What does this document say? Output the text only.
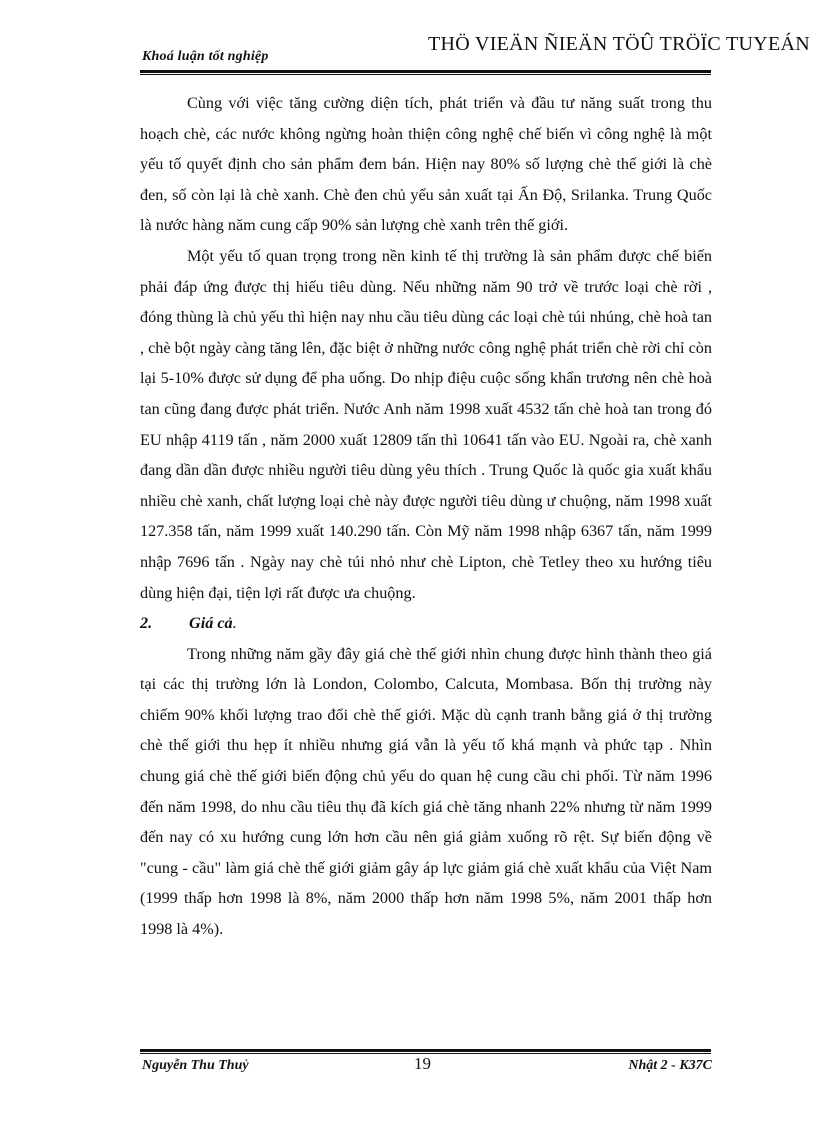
Khoá luận tốt nghiệp
THÖ VIEÄN ÑIEÄN TÖÛ TRÖÏC TUYEÁN

Cùng với việc tăng cường diện tích, phát triển và đầu tư năng suất trong thu hoạch chè, các nước không ngừng hoàn thiện công nghệ chế biến vì công nghệ là một yếu tố quyết định cho sản phẩm đem bán. Hiện nay 80% số lượng chè thế giới là chè đen, số còn lại là chè xanh. Chè đen chủ yếu sản xuất tại Ấn Độ, Srilanka. Trung Quốc là nước hàng năm cung cấp 90% sản lượng chè xanh trên thế giới.

Một yếu tố quan trọng trong nền kinh tế thị trường là sản phẩm được chế biến phải đáp ứng được thị hiếu tiêu dùng. Nếu những năm 90 trở về trước loại chè rời , đóng thùng là chủ yếu thì hiện nay nhu cầu tiêu dùng các loại chè túi nhúng, chè hoà tan , chè bột ngày càng tăng lên, đặc biệt ở những nước công nghệ phát triển chè rời chỉ còn lại 5-10% được sử dụng để pha uống. Do nhịp điệu cuộc sống khẩn trương nên chè hoà tan cũng đang được phát triển. Nước Anh năm 1998 xuất 4532 tấn chè hoà tan trong đó EU nhập 4119 tấn , năm 2000 xuất 12809 tấn thì 10641 tấn vào EU. Ngoài ra, chè xanh đang dần dần được nhiều người tiêu dùng yêu thích . Trung Quốc là quốc gia xuất khẩu nhiều chè xanh, chất lượng loại chè này được người tiêu dùng ư chuộng, năm 1998 xuất 127.358 tấn, năm 1999 xuất 140.290 tấn. Còn Mỹ năm 1998 nhập 6367 tấn, năm 1999 nhập 7696 tấn . Ngày nay chè túi nhỏ như chè Lipton, chè Tetley theo xu hướng tiêu dùng hiện đại, tiện lợi rất được ưa chuộng.

2. Giá cả.

Trong những năm gầy đây giá chè thế giới nhìn chung được hình thành theo giá tại các thị trường lớn là London, Colombo, Calcuta, Mombasa. Bốn thị trường này chiếm 90% khối lượng trao đổi chè thế giới. Mặc dù cạnh tranh bằng giá ở thị trường chè thế giới thu hẹp ít nhiều nhưng giá vẫn là yếu tố khá mạnh và phức tạp . Nhìn chung giá chè thế giới biến động chủ yếu do quan hệ cung cầu chi phối. Từ năm 1996 đến năm 1998, do nhu cầu tiêu thụ đã kích giá chè tăng nhanh 22% nhưng từ năm 1999 đến nay có xu hướng cung lớn hơn cầu nên giá giảm xuống rõ rệt. Sự biến động về "cung - cầu" làm giá chè thế giới giảm gây áp lực giảm giá chè xuất khẩu của Việt Nam (1999 thấp hơn 1998 là 8%, năm 2000 thấp hơn năm 1998 5%, năm 2001 thấp hơn 1998 là 4%).

Nguyễn Thu Thuỷ	19	Nhật 2 - K37C
